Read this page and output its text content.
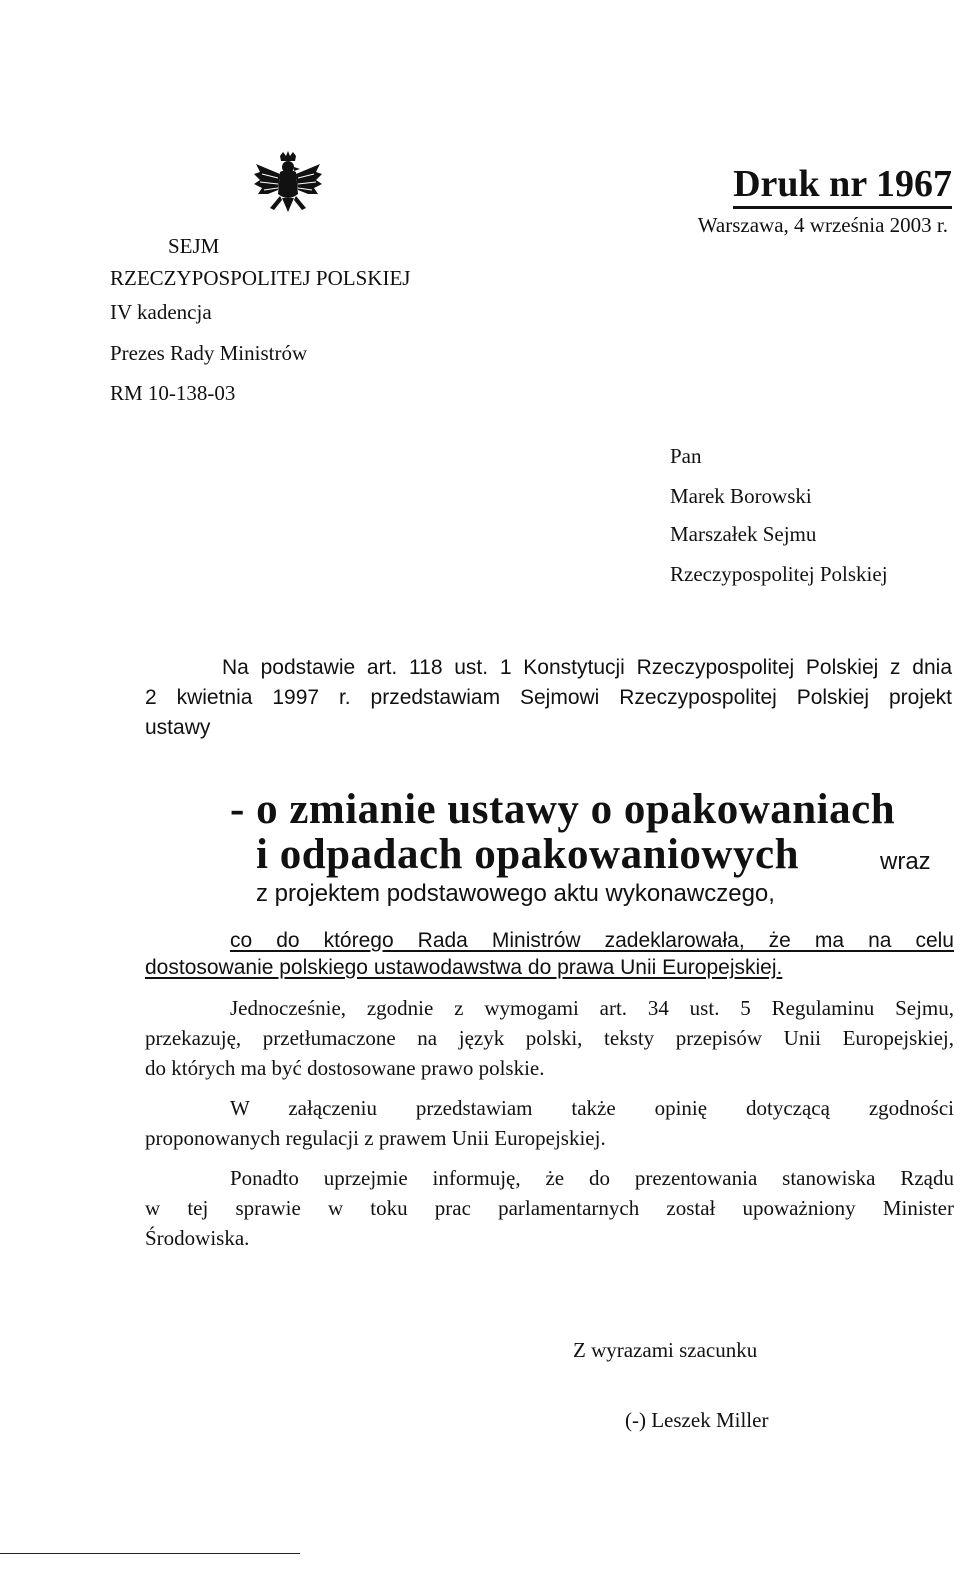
SEJM
RZECZYPOSPOLITEJ POLSKIEJ
IV kadencja
Prezes Rady Ministrów
RM 10-138-03
Druk nr 1967
Warszawa, 4 września 2003 r.
Pan
Marek Borowski
Marszałek Sejmu
Rzeczypospolitej Polskiej
Na podstawie art. 118 ust. 1 Konstytucji Rzeczypospolitej Polskiej z dnia
2 kwietnia 1997 r. przedstawiam Sejmowi Rzeczypospolitej Polskiej projekt
ustawy
- o zmianie ustawy o opakowaniach
i odpadach opakowaniowych	wraz
z projektem podstawowego aktu wykonawczego,
co do którego Rada Ministrów zadeklarowała, że ma na celu
dostosowanie polskiego ustawodawstwa do prawa Unii Europejskiej.
Jednocześnie, zgodnie z wymogami art. 34 ust. 5 Regulaminu Sejmu,
przekazuję, przetłumaczone na język polski, teksty przepisów Unii Europejskiej,
do których ma być dostosowane prawo polskie.
W załączeniu przedstawiam także opinię dotyczącą zgodności
proponowanych regulacji z prawem Unii Europejskiej.
Ponadto uprzejmie informuję, że do prezentowania stanowiska Rządu
w tej sprawie w toku prac parlamentarnych został upoważniony Minister
Środowiska.
Z wyrazami szacunku
(-) Leszek Miller
